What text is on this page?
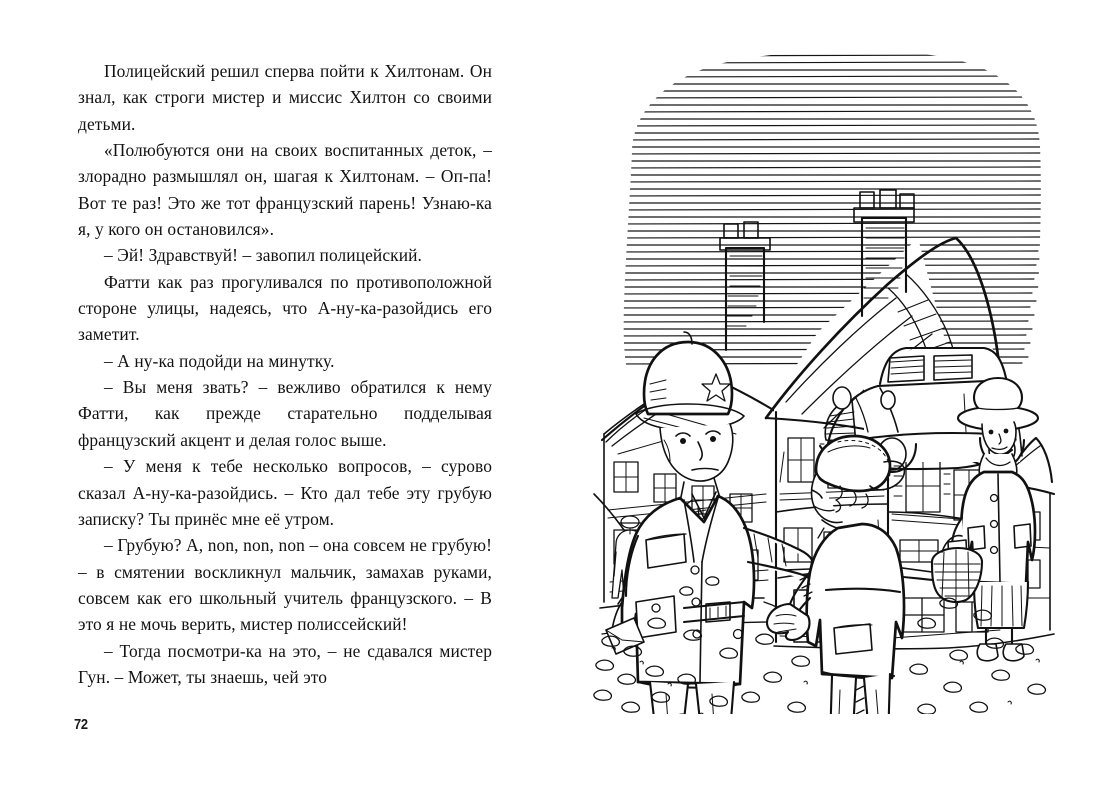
Полицейский решил сперва пойти к Хилтонам. Он знал, как строги мистер и миссис Хилтон со своими детьми.

«Полюбуются они на своих воспитанных деток, – злорадно размышлял он, шагая к Хилтонам. – Оп-па! Вот те раз! Это же тот французский парень! Узнаю-ка я, у кого он останoвился».

– Эй! Здравствуй! – завопил полицейский.

Фатти как раз прогуливался по противоположной стороне улицы, надеясь, что А-ну-ка-разойдись его заметит.

– А ну-ка подойди на минутку.

– Вы меня звать? – вежливо обратился к нему Фатти, как прежде старательно подделывая французский акцент и делая голос выше.

– У меня к тебе несколько вопросов, – сурово сказал А-ну-ка-разойдись. – Кто дал тебе эту грубую записку? Ты принёс мне её утром.

– Грубую? А, non, non, non – она совсем не грубую! – в смятении воскликнул мальчик, замахав руками, совсем как его школьный учитель французского. – В это я не мочь верить, мистер полиссейский!

– Тогда посмотри-ка на это, – не сдавался мистер Гун. – Может, ты знаешь, чей это

72
